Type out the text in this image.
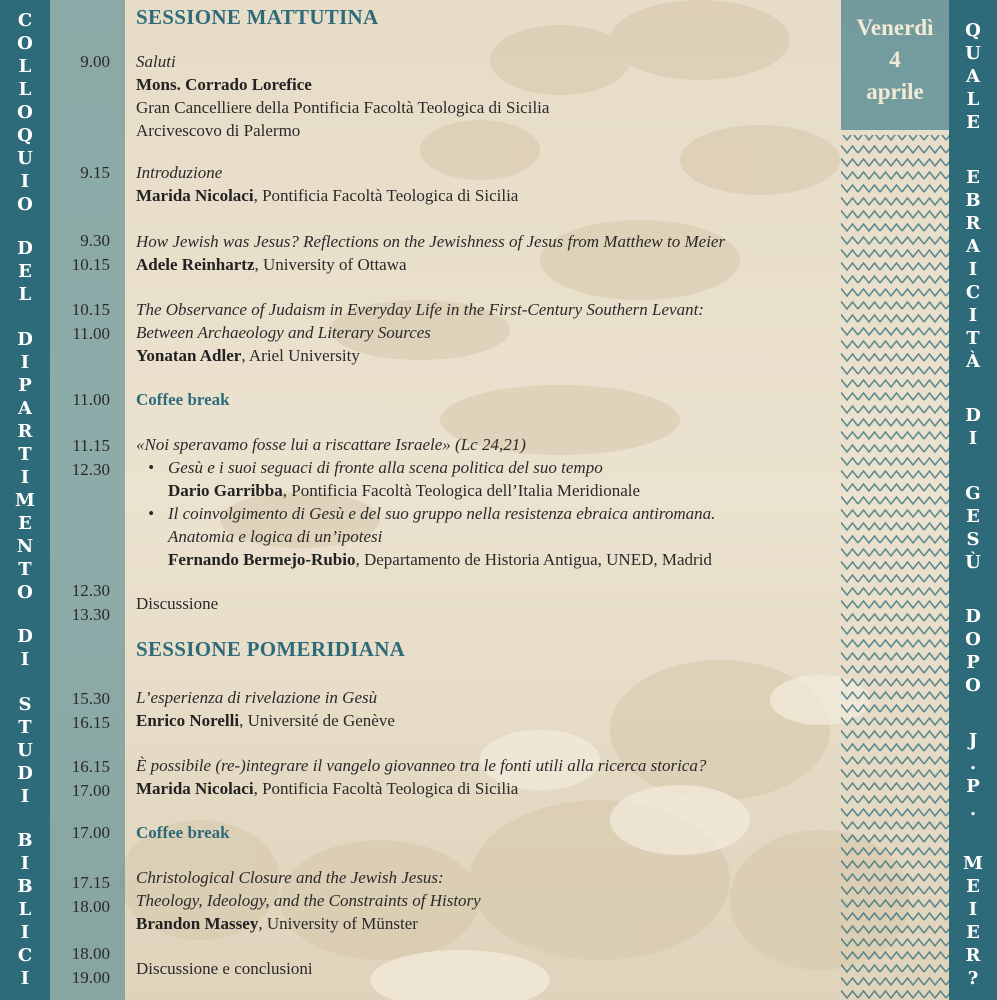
C
O
L
L
O
Q
U
I
O
D
E
L
D
I
P
A
R
T
I
M
E
N
T
O
D
I
S
T
U
D
I
B
I
B
L
I
C
I
Q
U
A
L
E
E
B
R
A
I
C
I
T
À
D
I
G
E
S
Ù
D
O
P
O
J
.
P
.
M
E
I
E
R
?
Venerdì
4
aprile
SESSIONE MATTUTINA
9.00 Saluti
Mons. Corrado Lorefice
Gran Cancelliere della Pontificia Facoltà Teologica di Sicilia
Arcivescovo di Palermo
9.15 Introduzione
Marida Nicolaci, Pontificia Facoltà Teologica di Sicilia
9.30
10.15
How Jewish was Jesus? Reflections on the Jewishness of Jesus from Matthew to Meier
Adele Reinhartz, University of Ottawa
10.15
11.00
The Observance of Judaism in Everyday Life in the First-Century Southern Levant:
Between Archaeology and Literary Sources
Yonatan Adler, Ariel University
11.00 Coffee break
11.15
12.30
«Noi speravamo fosse lui a riscattare Israele» (Lc 24,21)
• Gesù e i suoi seguaci di fronte alla scena politica del suo tempo
Dario Garribba, Pontificia Facoltà Teologica dell’Italia Meridionale
• Il coinvolgimento di Gesù e del suo gruppo nella resistenza ebraica antiromana.
Anatomia e logica di un’ipotesi
Fernando Bermejo-Rubio, Departamento de Historia Antigua, UNED, Madrid
12.30
13.30
Discussione
SESSIONE POMERIDIANA
15.30
16.15
L’esperienza di rivelazione in Gesù
Enrico Norelli, Université de Genève
16.15
17.00
È possibile (re-)integrare il vangelo giovanneo tra le fonti utili alla ricerca storica?
Marida Nicolaci, Pontificia Facoltà Teologica di Sicilia
17.00 Coffee break
17.15
18.00
Christological Closure and the Jewish Jesus:
Theology, Ideology, and the Constraints of History
Brandon Massey, University of Münster
18.00
19.00 Discussione e conclusioni
